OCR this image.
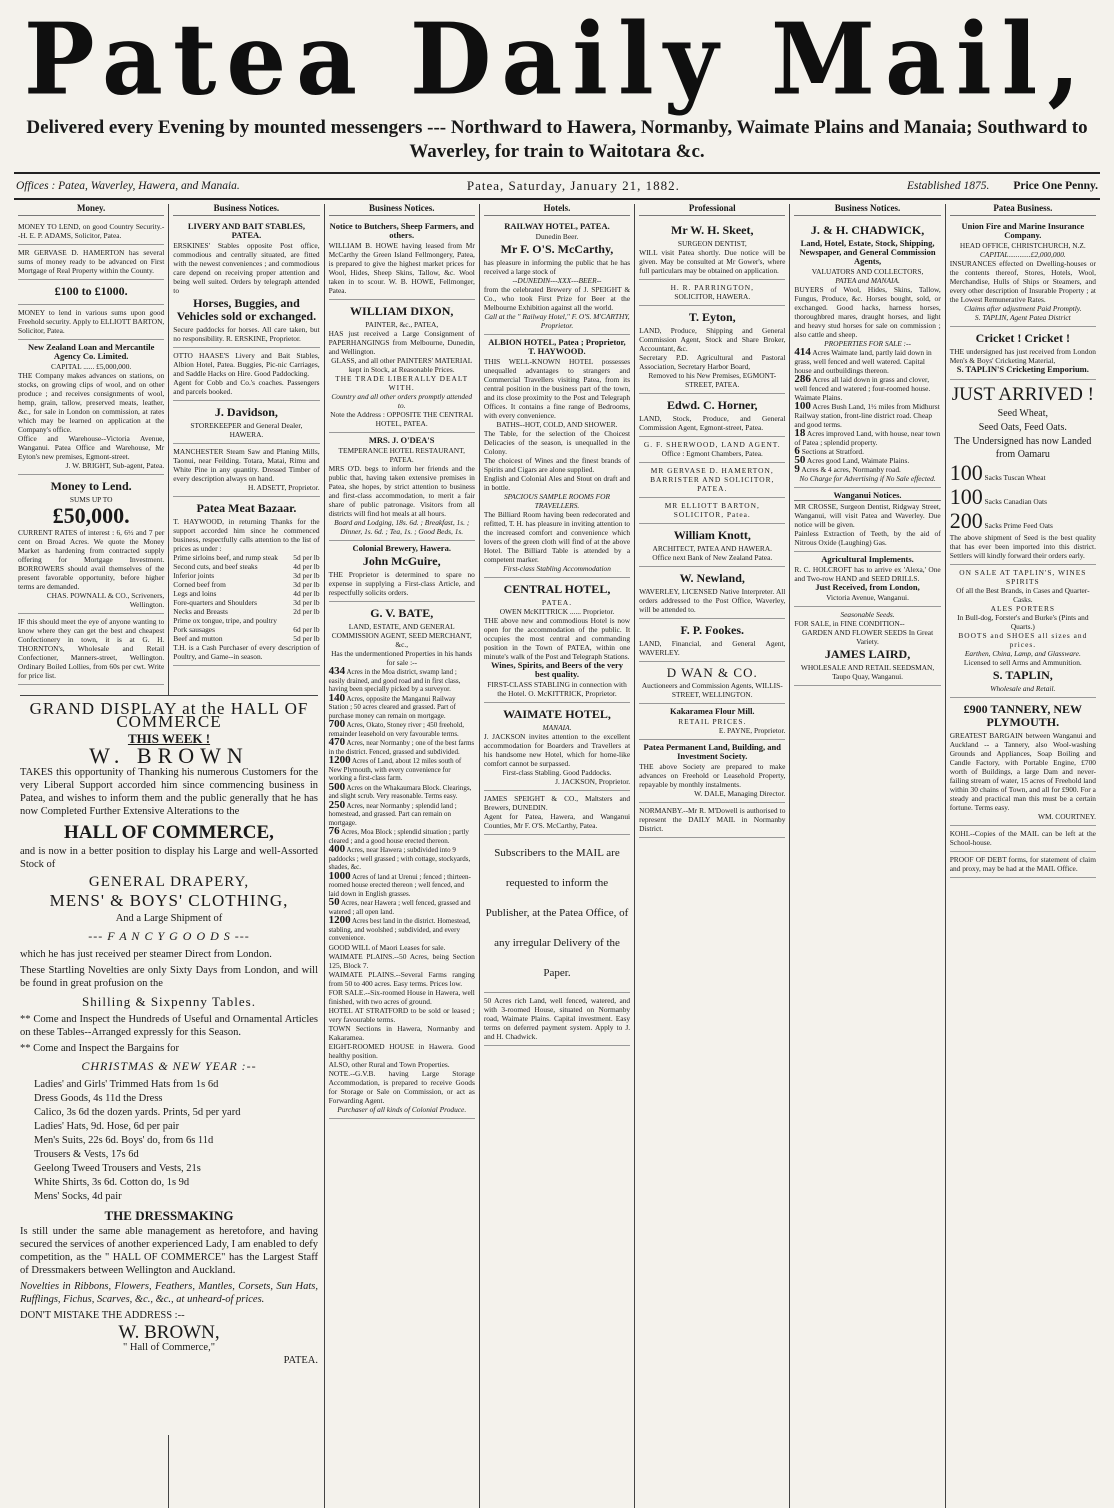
Patea Daily Mail,
Delivered every Evening by mounted messengers --- Northward to Hawera, Normanby, Waimate Plains and Manaia; Southward to Waverley, for train to Waitotara &c.
Offices : Patea, Waverley, Hawera, and Manaia.	Patea, Saturday, January 21, 1882.	Established 1875. Price One Penny.
Money.
MONEY TO LEND, on good Country Security.--H. E. P. ADAMS, Solicitor, Patea.
MR GERVASE D. HAMERTON has several sums of money ready to be advanced on First Mortgage of Real Property within the County.
£100 to £1000.
MONEY to lend in various sums upon good Freehold security. Apply to ELLIOTT BARTON, Solicitor, Patea.
New Zealand Loan and Mercantile Agency Co. Limited.
CAPITAL ...... £5,000,000.
THE Company makes advances on stations, on stocks, on growing clips of wool, and on other produce ; and receives consignments of wool, hemp, grain, tallow, preserved meats, leather, &c., for sale in London on commission, at rates which may be learned on application at the Company's office.
Office and Warehouse--Victoria Avenue, Wanganui. Patea Office and Warehouse, Mr Eyton's new premises, Egmont-street.
J. W. BRIGHT, Sub-agent, Patea.
Money to Lend.
SUMS UP TO
£50,000.
CURRENT RATES of interest : 6, 6½ and 7 per cent on Broad Acres. We quote the Money Market as hardening from contracted supply offering for Mortgage Investment. BORROWERS should avail themselves of the present favorable opportunity, before higher terms are demanded.
CHAS. POWNALL & CO., Scriveners, Wellington.
IF this should meet the eye of anyone wanting to know where they can get the best and cheapest Confectionery in town, it is at G. H. THORNTON's, Wholesale and Retail Confectioner, Manners-street, Wellington. Ordinary Boiled Lollies, from 60s per cwt. Write for price list.
Business Notices.
LIVERY AND BAIT STABLES, PATEA.
ERSKINES' Stables opposite Post office, commodious and centrally situated, are fitted with the newest conveniences ; and commodious care depend on receiving proper attention and being well suited. Orders by telegraph attended to
Horses, Buggies, and Vehicles sold or exchanged.
Secure paddocks for horses. All care taken, but no responsibility. R. ERSKINE, Proprietor.
OTTO HAASE'S Livery and Bait Stables, Albion Hotel, Patea. Buggies, Pic-nic Carriages, and Saddle Hacks on Hire. Good Paddocking.
Agent for Cobb and Co.'s coaches. Passengers and parcels booked.
J. Davidson,
STOREKEEPER and General Dealer, HAWERA.
MANCHESTER Steam Saw and Planing Mills, Taonui, near Feilding. Totara, Matai, Rimu and White Pine in any quantity. Dressed Timber of every description always on hand.
H. ADSETT, Proprietor.
Patea Meat Bazaar.
T. HAYWOOD, in returning Thanks for the support accorded him since he commenced business, respectfully calls attention to the list of prices as under :
Prime sirloins beef, and rump steak 5d per lb
Second cuts, and beef steaks	4d per lb
Inferior joints	3d per lb
Corned beef from	3d per lb
Legs and loins	4d per lb
Fore-quarters and Shoulders	3d per lb
Necks and Breasts	2d per lb
Prime ox tongue, tripe, and poultry
Pork sausages	6d per lb
Beef and mutton	5d per lb
T.H. is a Cash Purchaser of every description of Poultry, and Game--in season.
Business Notices.
Notice to Butchers, Sheep Farmers, and others.
WILLIAM B. HOWE having leased from Mr McCarthy the Green Island Fellmongery, Patea, is prepared to give the highest market prices for Wool, Hides, Sheep Skins, Tallow, &c. Wool taken in to scour. W. B. HOWE, Fellmonger, Patea.
WILLIAM DIXON,
PAINTER, &c., PATEA,
HAS just received a Large Consignment of PAPERHANGINGS from Melbourne, Dunedin, and Wellington.
GLASS, and all other PAINTERS' MATERIAL kept in Stock, at Reasonable Prices.
THE TRADE LIBERALLY DEALT WITH.
Country and all other orders promptly attended to.
Note the Address : OPPOSITE THE CENTRAL HOTEL, PATEA.
MRS. J. O'DEA'S
TEMPERANCE HOTEL RESTAURANT, PATEA.
MRS O'D. begs to inform her friends and the public that, having taken extensive premises in Patea, she hopes, by strict attention to business and first-class accommodation, to merit a fair share of public patronage. Visitors from all districts will find hot meals at all hours.
Board and Lodging, 18s. 6d. ; Breakfast, 1s. ; Dinner, 1s. 6d. ; Tea, 1s. ; Good Beds, 1s.
Colonial Brewery, Hawera.
John McGuire,
THE Proprietor is determined to spare no expense in supplying a First-class Article, and respectfully solicits orders.
G. V. BATE,
LAND, ESTATE, AND GENERAL COMMISSION AGENT, SEED MERCHANT, &c.,
Has the undermentioned Properties in his hands for sale :--
434 Acres in the Moa district, swamp land ; easily drained, and good road and in first class, having been specially picked by a surveyor.
140 Acres, opposite the Manganui Railway Station ; 50 acres cleared and grassed. Part of purchase money can remain on mortgage.
700 Acres, Okato, Stoney river ; 450 freehold, remainder leasehold on very favourable terms.
470 Acres, near Normanby ; one of the best farms in the district. Fenced, grassed and subdivided.
1200 Acres of Land, about 12 miles south of New Plymouth, with every convenience for working a first-class farm.
500 Acres on the Whakaumara Block. Clearings, and slight scrub. Very reasonable. Terms easy.
250 Acres, near Normanby ; splendid land ; homestead, and grassed. Part can remain on mortgage.
76 Acres, Moa Block ; splendid situation ; partly cleared ; and a good house erected thereon.
400 Acres, near Hawera ; subdivided into 9 paddocks ; well grassed ; with cottage, stockyards, shades, &c.
1000 Acres of land at Urenui ; fenced ; thirteen-roomed house erected thereon ; well fenced, and laid down in English grasses.
50 Acres, near Hawera ; well fenced, grassed and watered ; all open land.
1200 Acres best land in the district. Homestead, stabling, and woolshed ; subdivided, and every convenience.
GOOD WILL of Maori Leases for sale.
WAIMATE PLAINS.--50 Acres, being Section 125, Block 7.
WAIMATE PLAINS.--Several Farms ranging from 50 to 400 acres. Easy terms. Prices low.
FOR SALE.--Six-roomed House in Hawera, well finished, with two acres of ground.
HOTEL AT STRATFORD to be sold or leased ; very favourable terms.
TOWN Sections in Hawera, Normanby and Kakaramea.
EIGHT-ROOMED HOUSE in Hawera. Good healthy position.
ALSO, other Rural and Town Properties.
NOTE.--G.V.B. having Large Storage Accommodation, is prepared to receive Goods for Storage or Sale on Commission, or act as Forwarding Agent.
Purchaser of all kinds of Colonial Produce.
Hotels.
RAILWAY HOTEL, PATEA.
Dunedin Beer.
Mr F. O'S. McCarthy,
has pleasure in informing the public that he has received a large stock of
--DUNEDIN---XXX---BEER--
from the celebrated Brewery of J. SPEIGHT & Co., who took First Prize for Beer at the Melbourne Exhibition against all the world.
Call at the " Railway Hotel," F. O'S. M'CARTHY, Proprietor.
ALBION HOTEL, Patea ; Proprietor, T. HAYWOOD.
THIS WELL-KNOWN HOTEL possesses unequalled advantages to strangers and Commercial Travellers visiting Patea, from its central position in the business part of the town, and its close proximity to the Post and Telegraph Offices. It contains a fine range of Bedrooms, with every convenience.
BATHS--HOT, COLD, AND SHOWER.
The Table, for the selection of the Choicest Delicacies of the season, is unequalled in the Colony.
The choicest of Wines and the finest brands of Spirits and Cigars are alone supplied.
English and Colonial Ales and Stout on draft and in bottle.
SPACIOUS SAMPLE ROOMS FOR TRAVELLERS.
The Billiard Room having been redecorated and refitted, T. H. has pleasure in inviting attention to the increased comfort and convenience which lovers of the green cloth will find of at the above Hotel. The Billiard Table is attended by a competent marker.
First-class Stabling Accommodation
CENTRAL HOTEL,
PATEA.
OWEN McKITTRICK ...... Proprietor.
THE above new and commodious Hotel is now open for the accommodation of the public. It occupies the most central and commanding position in the Town of PATEA, within one minute's walk of the Post and Telegraph Stations.
Wines, Spirits, and Beers of the very best quality.
FIRST-CLASS STABLING in connection with the Hotel. O. McKITTRICK, Proprietor.
WAIMATE HOTEL,
MANAIA.
J. JACKSON invites attention to the excellent accommodation for Boarders and Travellers at his handsome new Hotel, which for home-like comfort cannot be surpassed.
First-class Stabling. Good Paddocks.
J. JACKSON, Proprietor.
JAMES SPEIGHT & CO., Maltsters and Brewers, DUNEDIN.
Agent for Patea, Hawera, and Wanganui Counties, Mr F. O'S. McCarthy, Patea.
Subscribers to the MAIL are requested to inform the Publisher, at the Patea Office, of any irregular Delivery of the Paper.
50 Acres rich Land, well fenced, watered, and with 3-roomed House, situated on Normanby road, Waimate Plains. Capital investment. Easy terms on deferred payment system. Apply to J. and H. Chadwick.
Professional
Mr W. H. Skeet,
SURGEON DENTIST,
WILL visit Patea shortly. Due notice will be given. May be consulted at Mr Gower's, where full particulars may be obtained on application.
H. R. PARRINGTON,
SOLICITOR, HAWERA.
T. Eyton,
LAND, Produce, Shipping and General Commission Agent, Stock and Share Broker, Accountant, &c.
Secretary P.D. Agricultural and Pastoral Association, Secretary Harbor Board,
Removed to his New Premises, EGMONT-STREET, PATEA.
Edwd. C. Horner,
LAND, Stock, Produce, and General Commission Agent, Egmont-street, Patea.
G. F. SHERWOOD, LAND AGENT.
Office : Egmont Chambers, Patea.
MR GERVASE D. HAMERTON, BARRISTER AND SOLICITOR, PATEA.
MR ELLIOTT BARTON, SOLICITOR, Patea.
William Knott,
ARCHITECT, PATEA AND HAWERA.
Office next Bank of New Zealand Patea.
W. Newland,
WAVERLEY, LICENSED Native Interpreter. All orders addressed to the Post Office, Waverley, will be attended to.
F. P. Fookes.
LAND, Financial, and General Agent, WAVERLEY.
D WAN & CO.
Auctioneers and Commission Agents, WILLIS-STREET, WELLINGTON.
Kakaramea Flour Mill.
RETAIL PRICES.
E. PAYNE, Proprietor.
Patea Permanent Land, Building, and Investment Society.
THE above Society are prepared to make advances on Freehold or Leasehold Property, repayable by monthly instalments.
W. DALE, Managing Director.
NORMANBY.--Mr R. M'Dowell is authorised to represent the DAILY MAIL in Normanby District.
Business Notices.
J. & H. CHADWICK,
Land, Hotel, Estate, Stock, Shipping, Newspaper, and General Commission Agents,
VALUATORS AND COLLECTORS,
PATEA and MANAIA.
BUYERS of Wool, Hides, Skins, Tallow, Fungus, Produce, &c. Horses bought, sold, or exchanged. Good hacks, harness horses, thoroughbred mares, draught horses, and light and heavy stud horses for sale on commission ; also cattle and sheep.
PROPERTIES FOR SALE :--
414 Acres Waimate land, partly laid down in grass, well fenced and well watered. Capital house and outbuildings thereon.
286 Acres all laid down in grass and clover, well fenced and watered ; four-roomed house. Waimate Plains.
100 Acres Bush Land, 1½ miles from Midhurst Railway station, front-line district road. Cheap and good terms.
18 Acres improved Land, with house, near town of Patea ; splendid property.
6 Sections at Stratford.
50 Acres good Land, Waimate Plains.
9 Acres & 4 acres, Normanby road.
No Charge for Advertising if No Sale effected.
Wanganui Notices.
MR CROSSE, Surgeon Dentist, Ridgway Street, Wanganui, will visit Patea and Waverley. Due notice will be given.
Painless Extraction of Teeth, by the aid of Nitrous Oxide (Laughing) Gas.
Agricultural Implements.
R. C. HOLCROFT has to arrive ex 'Alexa,' One and Two-row HAND and SEED DRILLS.
Just Received, from London,
Victoria Avenue, Wanganui.
Seasonable Seeds.
FOR SALE, in FINE CONDITION--
GARDEN AND FLOWER SEEDS In Great Variety.
JAMES LAIRD,
WHOLESALE AND RETAIL SEEDSMAN, Taupo Quay, Wanganui.
Patea Business.
Union Fire and Marine Insurance Company.
HEAD OFFICE, CHRISTCHURCH, N.Z.
CAPITAL............£2,000,000.
INSURANCES effected on Dwelling-houses or the contents thereof, Stores, Hotels, Wool, Merchandise, Hulls of Ships or Steamers, and every other description of Insurable Property ; at the Lowest Remunerative Rates.
Claims after adjustment Paid Promptly.
S. TAPLIN, Agent Patea District
Cricket ! Cricket !
THE undersigned has just received from London Men's & Boys' Cricketing Material,
S. TAPLIN'S Cricketing Emporium.
JUST ARRIVED !
Seed Wheat,
Seed Oats, Feed Oats.
The Undersigned has now Landed from Oamaru
100 Sacks Tuscan Wheat
100 Sacks Canadian Oats
200 Sacks Prime Feed Oats
The above shipment of Seed is the best quality that has ever been imported into this district. Settlers will kindly forward their orders early.
ON SALE AT TAPLIN'S, WINES SPIRITS
Of all the Best Brands, in Cases and Quarter-Casks.
ALES PORTERS
In Bull-dog, Forster's and Burke's (Pints and Quarts.)
BOOTS and SHOES all sizes and prices.
Earthen, China, Lamp, and Glassware.
Licensed to sell Arms and Ammunition.
S. TAPLIN,
Wholesale and Retail.
£900 TANNERY, NEW PLYMOUTH.
GREATEST BARGAIN between Wanganui and Auckland -- a Tannery, also Wool-washing Grounds and Appliances, Soap Boiling and Candle Factory, with Portable Engine, £700 worth of Buildings, a large Dam and never-failing stream of water, 15 acres of Freehold land within 30 chains of Town, and all for £900. For a steady and practical man this must be a certain fortune. Terms easy.
WM. COURTNEY.
KOHI.--Copies of the MAIL can be left at the School-house.
PROOF OF DEBT forms, for statement of claim and proxy, may be had at the MAIL Office.
GRAND DISPLAY at the HALL OF COMMERCE
THIS WEEK !
W. BROWN
TAKES this opportunity of Thanking his numerous Customers for the very Liberal Support accorded him since commencing business in Patea, and wishes to inform them and the public generally that he has now Completed Further Extensive Alterations to the
HALL OF COMMERCE,
and is now in a better position to display his Large and well-Assorted Stock of
GENERAL DRAPERY,
MENS' & BOYS' CLOTHING,
And a Large Shipment of
--- F A N C Y G O O D S ---
which he has just received per steamer Direct from London.
These Startling Novelties are only Sixty Days from London, and will be found in great profusion on the
Shilling & Sixpenny Tables.
** Come and Inspect the Hundreds of Useful and Ornamental Articles on these Tables--Arranged expressly for this Season.
** Come and Inspect the Bargains for
CHRISTMAS & NEW YEAR :--
Ladies' and Girls' Trimmed Hats from 1s 6d
Dress Goods, 4s 11d the Dress
Calico, 3s 6d the dozen yards. Prints, 5d per yard
Ladies' Hats, 9d. Hose, 6d per pair
Men's Suits, 22s 6d. Boys' do, from 6s 11d
Trousers & Vests, 17s 6d
Geelong Tweed Trousers and Vests, 21s
White Shirts, 3s 6d. Cotton do, 1s 9d
Mens' Socks, 4d pair
THE DRESSMAKING
Is still under the same able management as heretofore, and having secured the services of another experienced Lady, I am enabled to defy competition, as the " HALL OF COMMERCE" has the Largest Staff of Dressmakers between Wellington and Auckland.
Novelties in Ribbons, Flowers, Feathers, Mantles, Corsets, Sun Hats, Rufflings, Fichus, Scarves, &c., &c., at unheard-of prices.
DON'T MISTAKE THE ADDRESS :--
W. BROWN,
" Hall of Commerce,"
PATEA.
